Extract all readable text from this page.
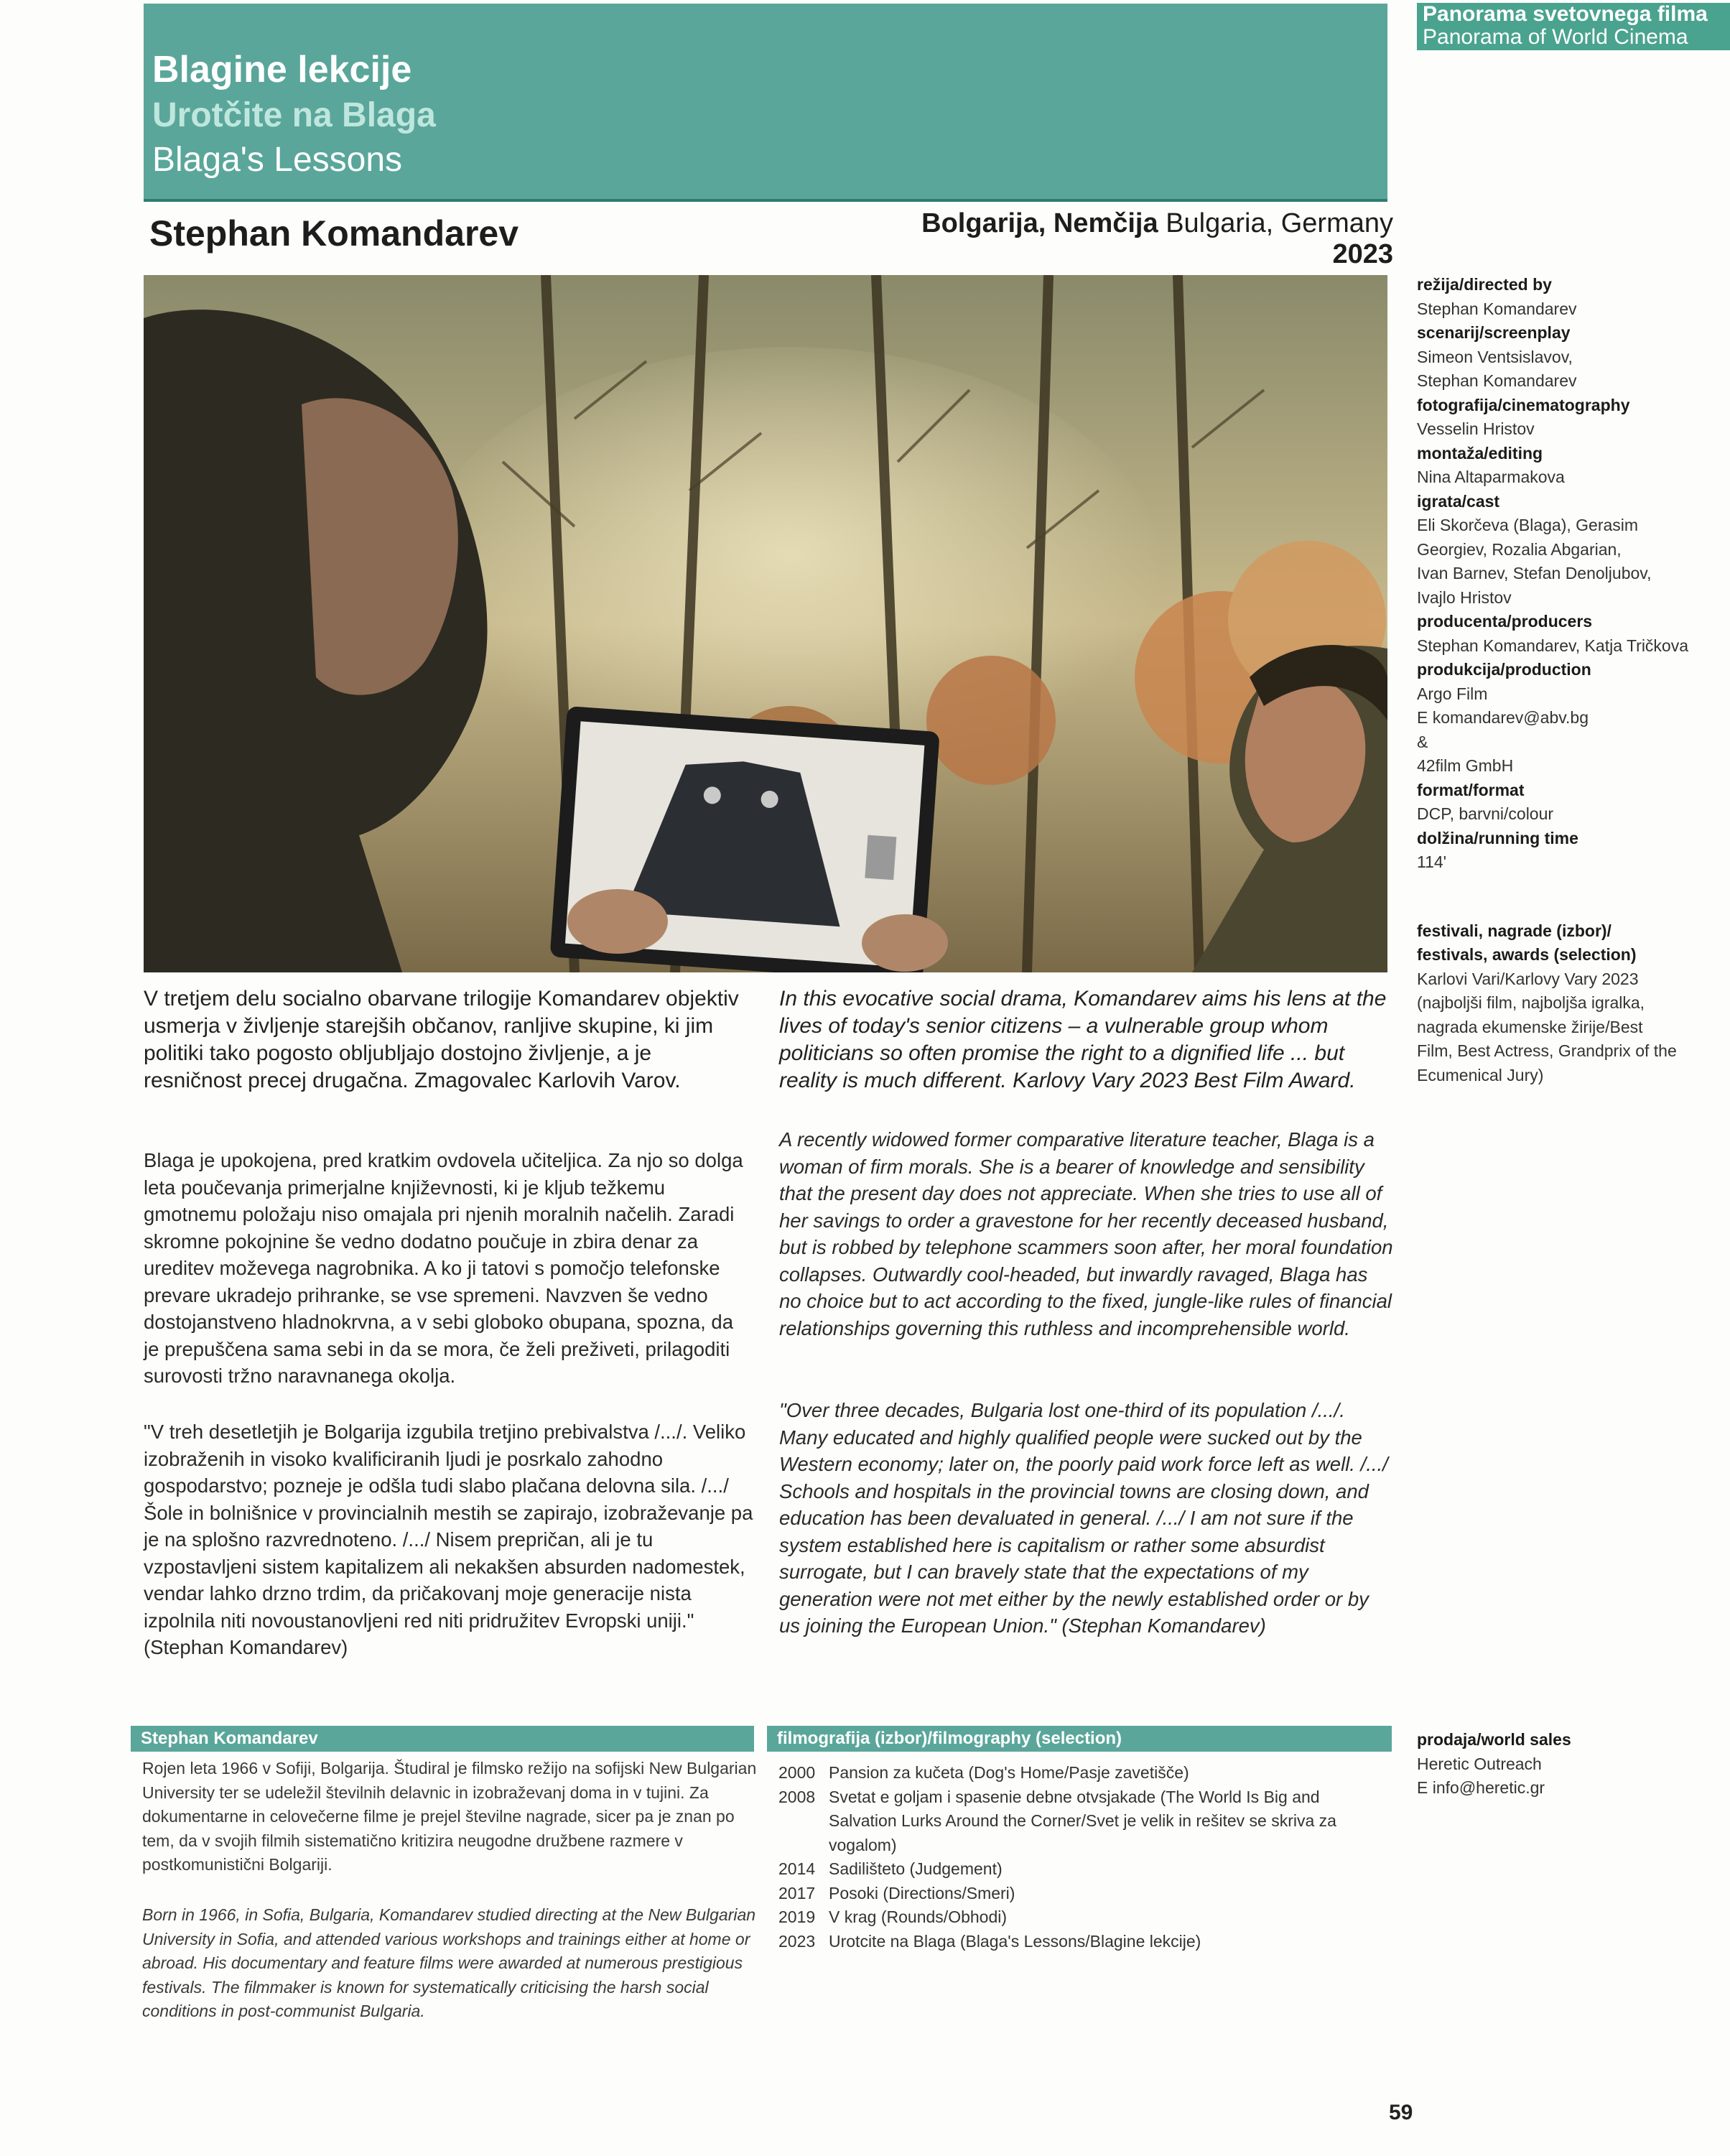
Blagine lekcije
Urotčite na Blaga
Blaga's Lessons
Panorama svetovnega filma
Panorama of World Cinema
Stephan Komandarev	Bolgarija, Nemčija Bulgaria, Germany 2023
režija/directed by
Stephan Komandarev
scenarij/screenplay
Simeon Ventsislavov,
Stephan Komandarev
fotografija/cinematography
Vesselin Hristov
montaža/editing
Nina Altaparmakova
igrata/cast
Eli Skorčeva (Blaga), Gerasim
Georgiev, Rozalia Abgarian,
Ivan Barnev, Stefan Denoljubov,
Ivajlo Hristov
producenta/producers
Stephan Komandarev, Katja Tričkova
produkcija/production
Argo Film
E komandarev@abv.bg
&
42film GmbH
format/format
DCP, barvni/colour
dolžina/running time
114'
festivali, nagrade (izbor)/
festivals, awards (selection)
Karlovi Vari/Karlovy Vary 2023
(najboljši film, najboljša igralka,
nagrada ekumenske žirije/Best
Film, Best Actress, Grandprix of the
Ecumenical Jury)
V tretjem delu socialno obarvane trilogije Komandarev objektiv usmerja v življenje starejših občanov, ranljive skupine, ki jim politiki tako pogosto obljubljajo dostojno življenje, a je resničnost precej drugačna. Zmagovalec Karlovih Varov.
Blaga je upokojena, pred kratkim ovdovela učiteljica. Za njo so dolga leta poučevanja primerjalne književnosti, ki je kljub težkemu gmotnemu položaju niso omajala pri njenih moralnih načelih. Zaradi skromne pokojnine še vedno dodatno poučuje in zbira denar za ureditev moževega nagrobnika. A ko ji tatovi s pomočjo telefonske prevare ukradejo prihranke, se vse spremeni. Navzven še vedno dostojanstveno hladnokrvna, a v sebi globoko obupana, spozna, da je prepuščena sama sebi in da se mora, če želi preživeti, prilagoditi surovosti tržno naravnanega okolja.
"V treh desetletjih je Bolgarija izgubila tretjino prebivalstva /.../. Veliko izobraženih in visoko kvalificiranih ljudi je posrkalo zahodno gospodarstvo; pozneje je odšla tudi slabo plačana delovna sila. /.../ Šole in bolnišnice v provincialnih mestih se zapirajo, izobraževanje pa je na splošno razvrednoteno. /.../ Nisem prepričan, ali je tu vzpostavljeni sistem kapitalizem ali nekakšen absurden nadomestek, vendar lahko drzno trdim, da pričakovanj moje generacije nista izpolnila niti novoustanovljeni red niti pridružitev Evropski uniji." (Stephan Komandarev)
In this evocative social drama, Komandarev aims his lens at the lives of today's senior citizens – a vulnerable group whom politicians so often promise the right to a dignified life ... but reality is much different. Karlovy Vary 2023 Best Film Award.
A recently widowed former comparative literature teacher, Blaga is a woman of firm morals. She is a bearer of knowledge and sensibility that the present day does not appreciate. When she tries to use all of her savings to order a gravestone for her recently deceased husband, but is robbed by telephone scammers soon after, her moral foundation collapses. Outwardly cool-headed, but inwardly ravaged, Blaga has no choice but to act according to the fixed, jungle-like rules of financial relationships governing this ruthless and incomprehensible world.
"Over three decades, Bulgaria lost one-third of its population /.../. Many educated and highly qualified people were sucked out by the Western economy; later on, the poorly paid work force left as well. /.../ Schools and hospitals in the provincial towns are closing down, and education has been devaluated in general. /.../ I am not sure if the system established here is capitalism or rather some absurdist surrogate, but I can bravely state that the expectations of my generation were not met either by the newly established order or by us joining the European Union." (Stephan Komandarev)
Stephan Komandarev
Rojen leta 1966 v Sofiji, Bolgarija. Študiral je filmsko režijo na sofijski New Bulgarian University ter se udeležil številnih delavnic in izobraževanj doma in v tujini. Za dokumentarne in celovečerne filme je prejel številne nagrade, sicer pa je znan po tem, da v svojih filmih sistematično kritizira neugodne družbene razmere v postkomunistični Bolgariji.
Born in 1966, in Sofia, Bulgaria, Komandarev studied directing at the New Bulgarian University in Sofia, and attended various workshops and trainings either at home or abroad. His documentary and feature films were awarded at numerous prestigious festivals. The filmmaker is known for systematically criticising the harsh social conditions in post-communist Bulgaria.
filmografija (izbor)/filmography (selection)
2000 Pansion za kučeta (Dog's Home/Pasje zavetišče)
2008 Svetat e goljam i spasenie debne otvsjakade (The World Is Big and Salvation Lurks Around the Corner/Svet je velik in rešitev se skriva za vogalom)
2014 Sadilišteto (Judgement)
2017 Posoki (Directions/Smeri)
2019 V krag (Rounds/Obhodi)
2023 Urotcite na Blaga (Blaga's Lessons/Blagine lekcije)
prodaja/world sales
Heretic Outreach
E info@heretic.gr
59
